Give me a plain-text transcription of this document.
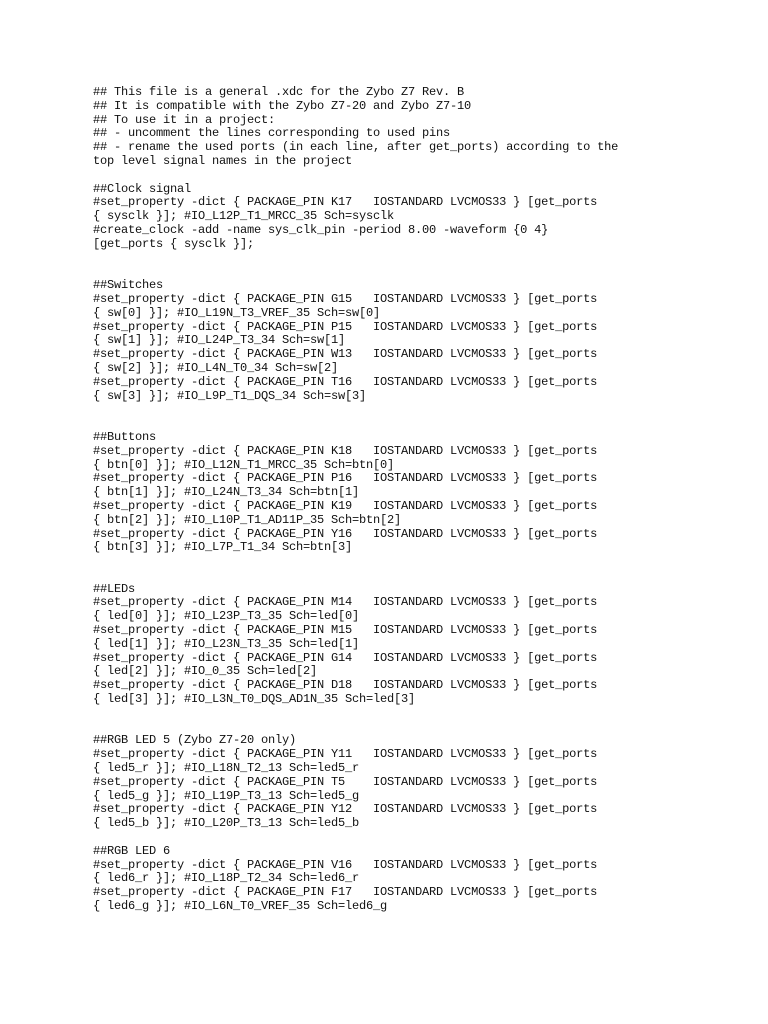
## This file is a general .xdc for the Zybo Z7 Rev. B
## It is compatible with the Zybo Z7-20 and Zybo Z7-10
## To use it in a project:
## - uncomment the lines corresponding to used pins
## - rename the used ports (in each line, after get_ports) according to the
top level signal names in the project

##Clock signal
#set_property -dict { PACKAGE_PIN K17   IOSTANDARD LVCMOS33 } [get_ports
{ sysclk }]; #IO_L12P_T1_MRCC_35 Sch=sysclk
#create_clock -add -name sys_clk_pin -period 8.00 -waveform {0 4}
[get_ports { sysclk }];

##Switches
#set_property -dict { PACKAGE_PIN G15   IOSTANDARD LVCMOS33 } [get_ports
{ sw[0] }]; #IO_L19N_T3_VREF_35 Sch=sw[0]
#set_property -dict { PACKAGE_PIN P15   IOSTANDARD LVCMOS33 } [get_ports
{ sw[1] }]; #IO_L24P_T3_34 Sch=sw[1]
#set_property -dict { PACKAGE_PIN W13   IOSTANDARD LVCMOS33 } [get_ports
{ sw[2] }]; #IO_L4N_T0_34 Sch=sw[2]
#set_property -dict { PACKAGE_PIN T16   IOSTANDARD LVCMOS33 } [get_ports
{ sw[3] }]; #IO_L9P_T1_DQS_34 Sch=sw[3]

##Buttons
#set_property -dict { PACKAGE_PIN K18   IOSTANDARD LVCMOS33 } [get_ports
{ btn[0] }]; #IO_L12N_T1_MRCC_35 Sch=btn[0]
#set_property -dict { PACKAGE_PIN P16   IOSTANDARD LVCMOS33 } [get_ports
{ btn[1] }]; #IO_L24N_T3_34 Sch=btn[1]
#set_property -dict { PACKAGE_PIN K19   IOSTANDARD LVCMOS33 } [get_ports
{ btn[2] }]; #IO_L10P_T1_AD11P_35 Sch=btn[2]
#set_property -dict { PACKAGE_PIN Y16   IOSTANDARD LVCMOS33 } [get_ports
{ btn[3] }]; #IO_L7P_T1_34 Sch=btn[3]

##LEDs
#set_property -dict { PACKAGE_PIN M14   IOSTANDARD LVCMOS33 } [get_ports
{ led[0] }]; #IO_L23P_T3_35 Sch=led[0]
#set_property -dict { PACKAGE_PIN M15   IOSTANDARD LVCMOS33 } [get_ports
{ led[1] }]; #IO_L23N_T3_35 Sch=led[1]
#set_property -dict { PACKAGE_PIN G14   IOSTANDARD LVCMOS33 } [get_ports
{ led[2] }]; #IO_0_35 Sch=led[2]
#set_property -dict { PACKAGE_PIN D18   IOSTANDARD LVCMOS33 } [get_ports
{ led[3] }]; #IO_L3N_T0_DQS_AD1N_35 Sch=led[3]

##RGB LED 5 (Zybo Z7-20 only)
#set_property -dict { PACKAGE_PIN Y11   IOSTANDARD LVCMOS33 } [get_ports
{ led5_r }]; #IO_L18N_T2_13 Sch=led5_r
#set_property -dict { PACKAGE_PIN T5    IOSTANDARD LVCMOS33 } [get_ports
{ led5_g }]; #IO_L19P_T3_13 Sch=led5_g
#set_property -dict { PACKAGE_PIN Y12   IOSTANDARD LVCMOS33 } [get_ports
{ led5_b }]; #IO_L20P_T3_13 Sch=led5_b

##RGB LED 6
#set_property -dict { PACKAGE_PIN V16   IOSTANDARD LVCMOS33 } [get_ports
{ led6_r }]; #IO_L18P_T2_34 Sch=led6_r
#set_property -dict { PACKAGE_PIN F17   IOSTANDARD LVCMOS33 } [get_ports
{ led6_g }]; #IO_L6N_T0_VREF_35 Sch=led6_g
